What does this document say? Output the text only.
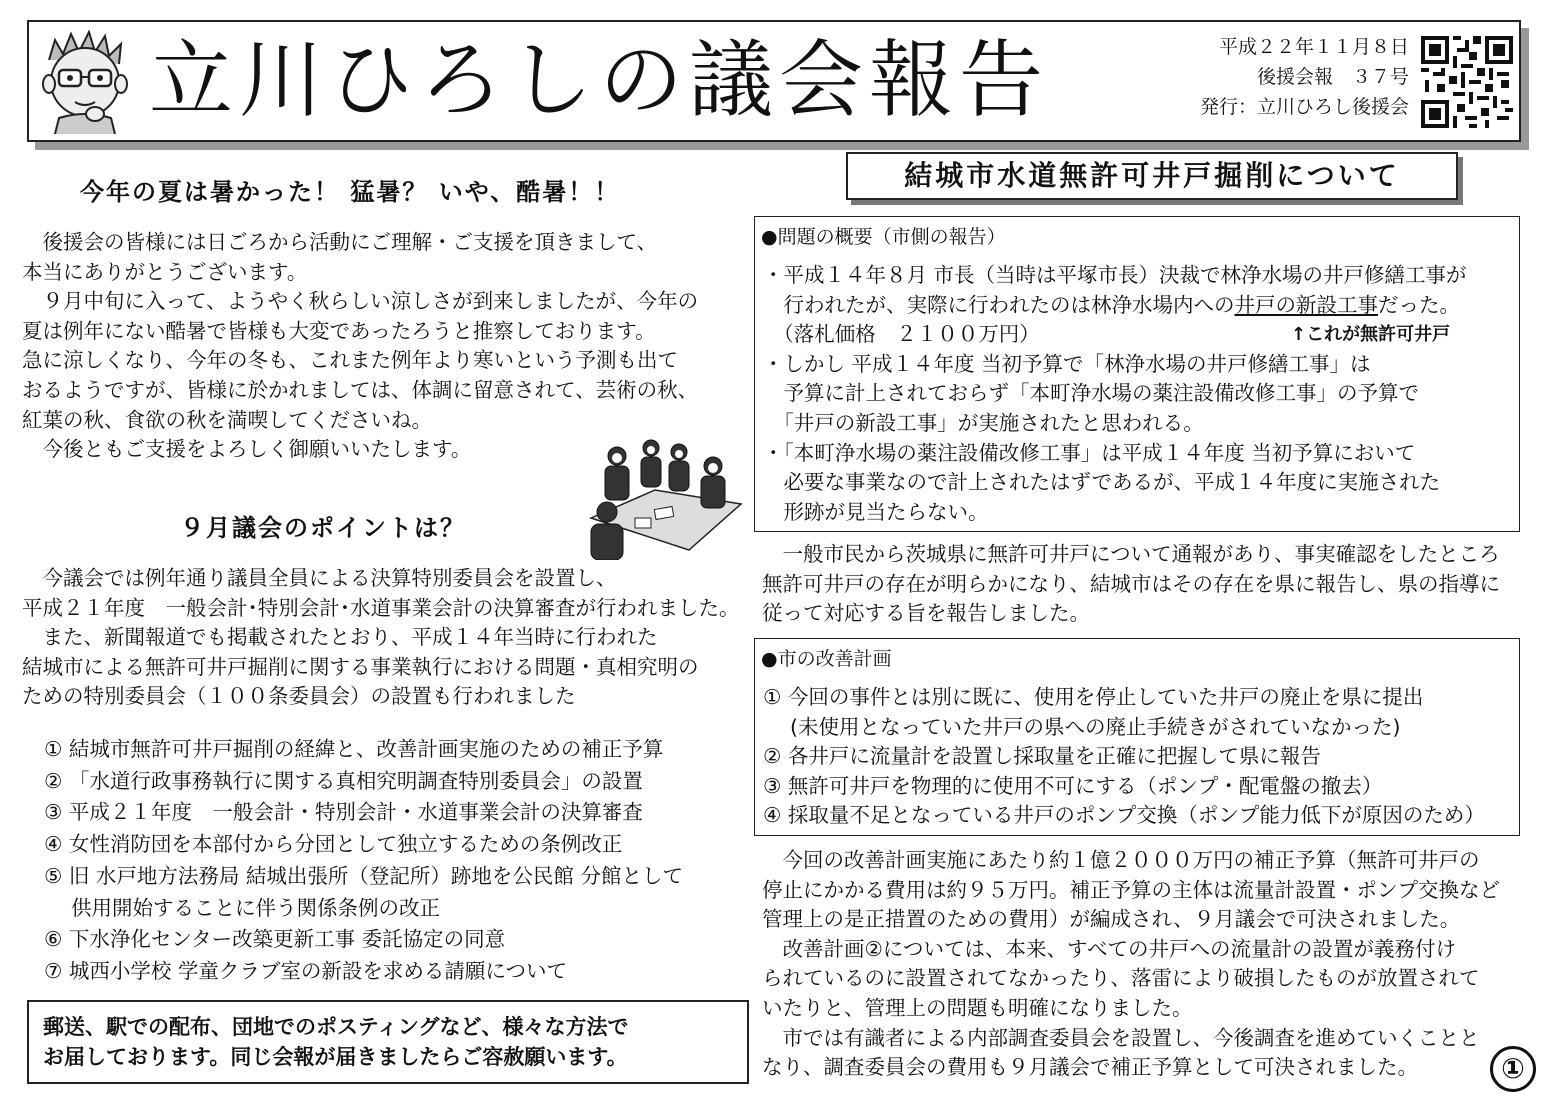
立川ひろしの議会報告	平成２２年１１月８日
後援会報　３７号
発行：立川ひろし後援会
今年の夏は暑かった！ 猛暑？ いや、酷暑！！
　後援会の皆様には日ごろから活動にご理解・ご支援を頂きまして、
本当にありがとうございます。
　９月中旬に入って、ようやく秋らしい涼しさが到来しましたが、今年の
夏は例年にない酷暑で皆様も大変であったろうと推察しております。
急に涼しくなり、今年の冬も、これまた例年より寒いという予測も出て
おるようですが、皆様に於かれましては、体調に留意されて、芸術の秋、
紅葉の秋、食欲の秋を満喫してくださいね。
　今後ともご支援をよろしく御願いいたします。
９月議会のポイントは？
　今議会では例年通り議員全員による決算特別委員会を設置し、
平成２１年度　一般会計･特別会計･水道事業会計の決算審査が行われました。
　また、新聞報道でも掲載されたとおり、平成１４年当時に行われた
結城市による無許可井戸掘削に関する事業執行における問題・真相究明の
ための特別委員会（１００条委員会）の設置も行われました
① 結城市無許可井戸掘削の経緯と、改善計画実施のための補正予算
② 「水道行政事務執行に関する真相究明調査特別委員会」の設置
③ 平成２１年度　一般会計・特別会計・水道事業会計の決算審査
④ 女性消防団を本部付から分団として独立するための条例改正
⑤ 旧 水戸地方法務局 結城出張所（登記所）跡地を公民館 分館として
　 供用開始することに伴う関係条例の改正
⑥ 下水浄化センター改築更新工事 委託協定の同意
⑦ 城西小学校 学童クラブ室の新設を求める請願について
郵送、駅での配布、団地でのポスティングなど、様々な方法で
お届しております。同じ会報が届きましたらご容赦願います。
結城市水道無許可井戸掘削について
●問題の概要（市側の報告）
・平成１４年８月 市長（当時は平塚市長）決裁で林浄水場の井戸修繕工事が
　行われたが、実際に行われたのは林浄水場内への井戸の新設工事だった。
　（落札価格　２１００万円）	↑これが無許可井戸
・しかし 平成１４年度 当初予算で「林浄水場の井戸修繕工事」は
　予算に計上されておらず「本町浄水場の薬注設備改修工事」の予算で
　「井戸の新設工事」が実施されたと思われる。
・「本町浄水場の薬注設備改修工事」は平成１４年度 当初予算において
　必要な事業なので計上されたはずであるが、平成１４年度に実施された
　形跡が見当たらない。
　一般市民から茨城県に無許可井戸について通報があり、事実確認をしたところ
無許可井戸の存在が明らかになり、結城市はその存在を県に報告し、県の指導に
従って対応する旨を報告しました。
●市の改善計画
① 今回の事件とは別に既に、使用を停止していた井戸の廃止を県に提出
　 (未使用となっていた井戸の県への廃止手続きがされていなかった)
② 各井戸に流量計を設置し採取量を正確に把握して県に報告
③ 無許可井戸を物理的に使用不可にする（ポンプ・配電盤の撤去）
④ 採取量不足となっている井戸のポンプ交換（ポンプ能力低下が原因のため）
　今回の改善計画実施にあたり約１億２０００万円の補正予算（無許可井戸の
停止にかかる費用は約９５万円。補正予算の主体は流量計設置・ポンプ交換など
管理上の是正措置のための費用）が編成され、９月議会で可決されました。
　改善計画②については、本来、すべての井戸への流量計の設置が義務付け
られているのに設置されてなかったり、落雷により破損したものが放置されて
いたりと、管理上の問題も明確になりました。
　市では有識者による内部調査委員会を設置し、今後調査を進めていくことと
なり、調査委員会の費用も９月議会で補正予算として可決されました。	①
